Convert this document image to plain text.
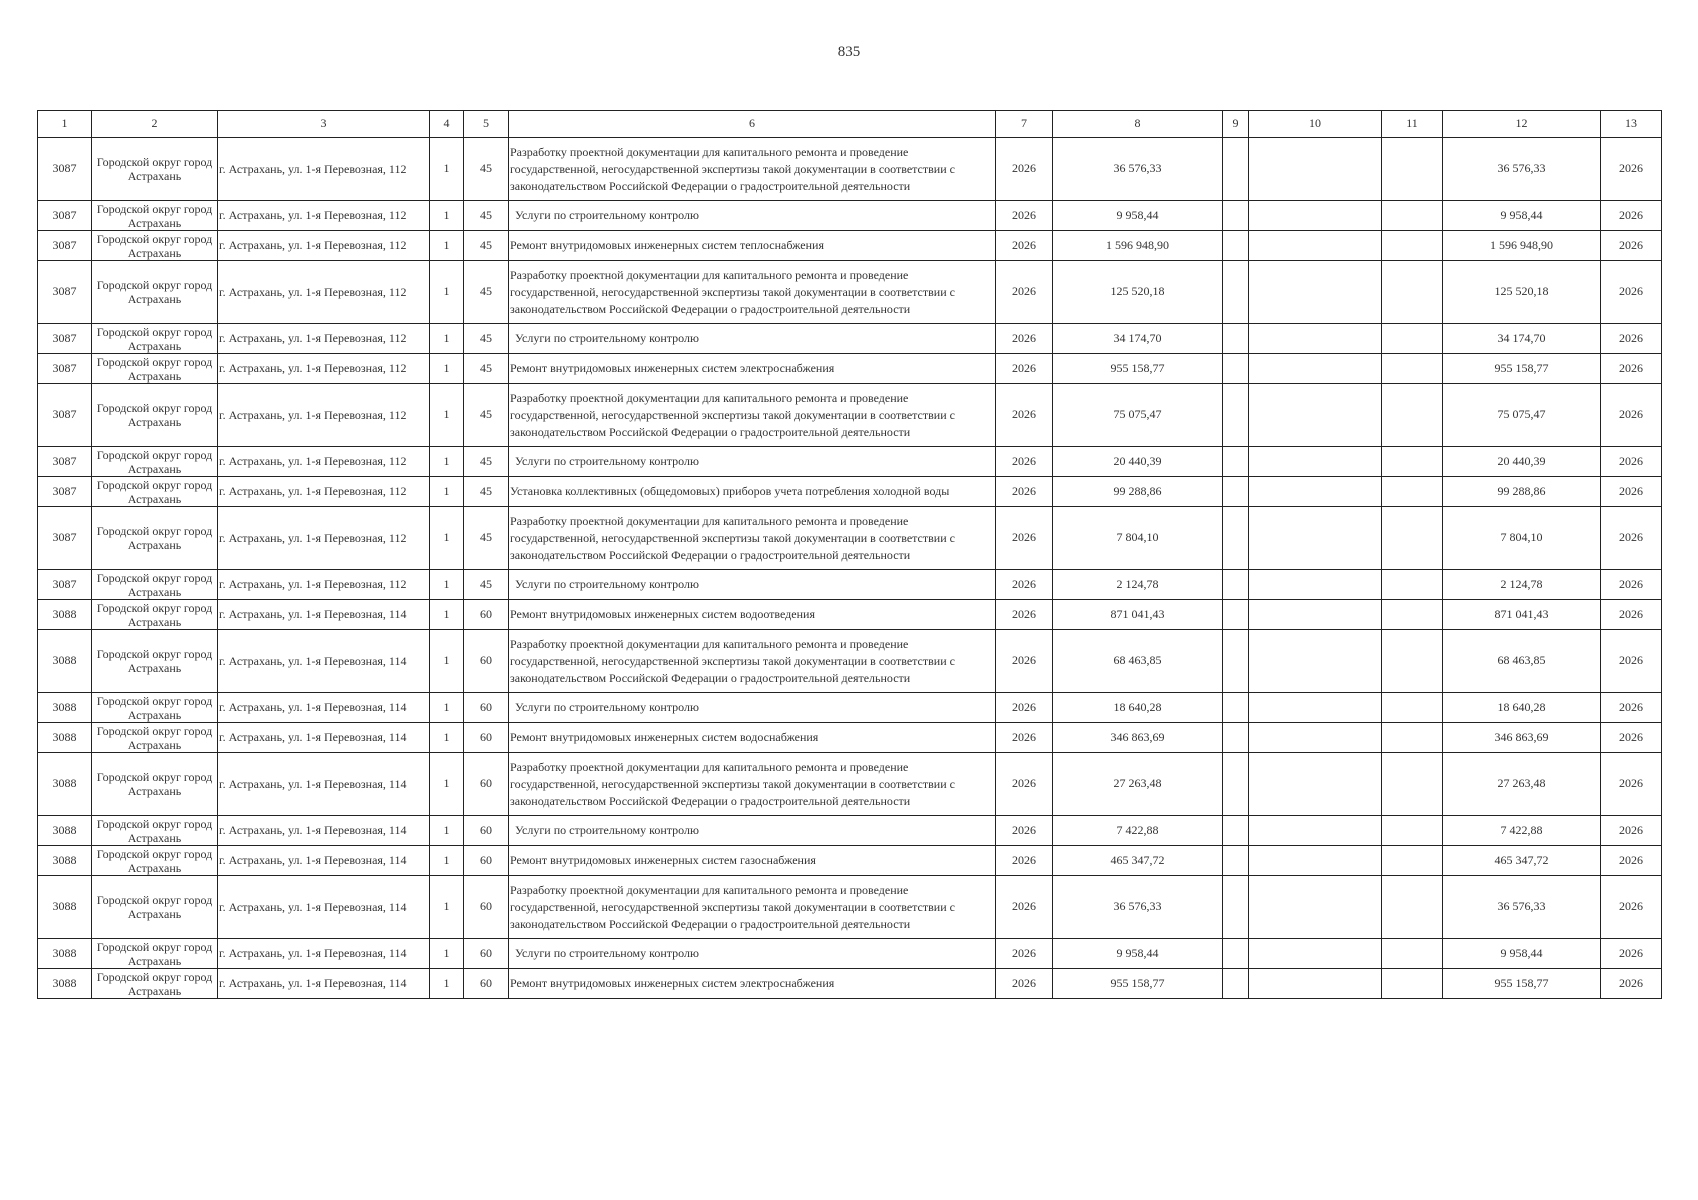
835
1	2	3	4	5	6	7	8	9	10	11	12	13
3087	Городской округ город Астрахань	г. Астрахань, ул. 1-я Перевозная, 112	1	45	Разработку проектной документации для капитального ремонта и проведение государственной, негосударственной экспертизы такой документации в соответствии с законодательством Российской Федерации о градостроительной деятельности	2026	36 576,33				36 576,33	2026
3087	Городской округ город Астрахань	г. Астрахань, ул. 1-я Перевозная, 112	1	45	Услуги по строительному контролю	2026	9 958,44				9 958,44	2026
3087	Городской округ город Астрахань	г. Астрахань, ул. 1-я Перевозная, 112	1	45	Ремонт внутридомовых инженерных систем теплоснабжения	2026	1 596 948,90				1 596 948,90	2026
3087	Городской округ город Астрахань	г. Астрахань, ул. 1-я Перевозная, 112	1	45	Разработку проектной документации для капитального ремонта и проведение государственной, негосударственной экспертизы такой документации в соответствии с законодательством Российской Федерации о градостроительной деятельности	2026	125 520,18				125 520,18	2026
3087	Городской округ город Астрахань	г. Астрахань, ул. 1-я Перевозная, 112	1	45	Услуги по строительному контролю	2026	34 174,70				34 174,70	2026
3087	Городской округ город Астрахань	г. Астрахань, ул. 1-я Перевозная, 112	1	45	Ремонт внутридомовых инженерных систем электроснабжения	2026	955 158,77				955 158,77	2026
3087	Городской округ город Астрахань	г. Астрахань, ул. 1-я Перевозная, 112	1	45	Разработку проектной документации для капитального ремонта и проведение государственной, негосударственной экспертизы такой документации в соответствии с законодательством Российской Федерации о градостроительной деятельности	2026	75 075,47				75 075,47	2026
3087	Городской округ город Астрахань	г. Астрахань, ул. 1-я Перевозная, 112	1	45	Услуги по строительному контролю	2026	20 440,39				20 440,39	2026
3087	Городской округ город Астрахань	г. Астрахань, ул. 1-я Перевозная, 112	1	45	Установка коллективных (общедомовых) приборов учета потребления холодной воды	2026	99 288,86				99 288,86	2026
3087	Городской округ город Астрахань	г. Астрахань, ул. 1-я Перевозная, 112	1	45	Разработку проектной документации для капитального ремонта и проведение государственной, негосударственной экспертизы такой документации в соответствии с законодательством Российской Федерации о градостроительной деятельности	2026	7 804,10				7 804,10	2026
3087	Городской округ город Астрахань	г. Астрахань, ул. 1-я Перевозная, 112	1	45	Услуги по строительному контролю	2026	2 124,78				2 124,78	2026
3088	Городской округ город Астрахань	г. Астрахань, ул. 1-я Перевозная, 114	1	60	Ремонт внутридомовых инженерных систем водоотведения	2026	871 041,43				871 041,43	2026
3088	Городской округ город Астрахань	г. Астрахань, ул. 1-я Перевозная, 114	1	60	Разработку проектной документации для капитального ремонта и проведение государственной, негосударственной экспертизы такой документации в соответствии с законодательством Российской Федерации о градостроительной деятельности	2026	68 463,85				68 463,85	2026
3088	Городской округ город Астрахань	г. Астрахань, ул. 1-я Перевозная, 114	1	60	Услуги по строительному контролю	2026	18 640,28				18 640,28	2026
3088	Городской округ город Астрахань	г. Астрахань, ул. 1-я Перевозная, 114	1	60	Ремонт внутридомовых инженерных систем водоснабжения	2026	346 863,69				346 863,69	2026
3088	Городской округ город Астрахань	г. Астрахань, ул. 1-я Перевозная, 114	1	60	Разработку проектной документации для капитального ремонта и проведение государственной, негосударственной экспертизы такой документации в соответствии с законодательством Российской Федерации о градостроительной деятельности	2026	27 263,48				27 263,48	2026
3088	Городской округ город Астрахань	г. Астрахань, ул. 1-я Перевозная, 114	1	60	Услуги по строительному контролю	2026	7 422,88				7 422,88	2026
3088	Городской округ город Астрахань	г. Астрахань, ул. 1-я Перевозная, 114	1	60	Ремонт внутридомовых инженерных систем газоснабжения	2026	465 347,72				465 347,72	2026
3088	Городской округ город Астрахань	г. Астрахань, ул. 1-я Перевозная, 114	1	60	Разработку проектной документации для капитального ремонта и проведение государственной, негосударственной экспертизы такой документации в соответствии с законодательством Российской Федерации о градостроительной деятельности	2026	36 576,33				36 576,33	2026
3088	Городской округ город Астрахань	г. Астрахань, ул. 1-я Перевозная, 114	1	60	Услуги по строительному контролю	2026	9 958,44				9 958,44	2026
3088	Городской округ город Астрахань	г. Астрахань, ул. 1-я Перевозная, 114	1	60	Ремонт внутридомовых инженерных систем электроснабжения	2026	955 158,77				955 158,77	2026
